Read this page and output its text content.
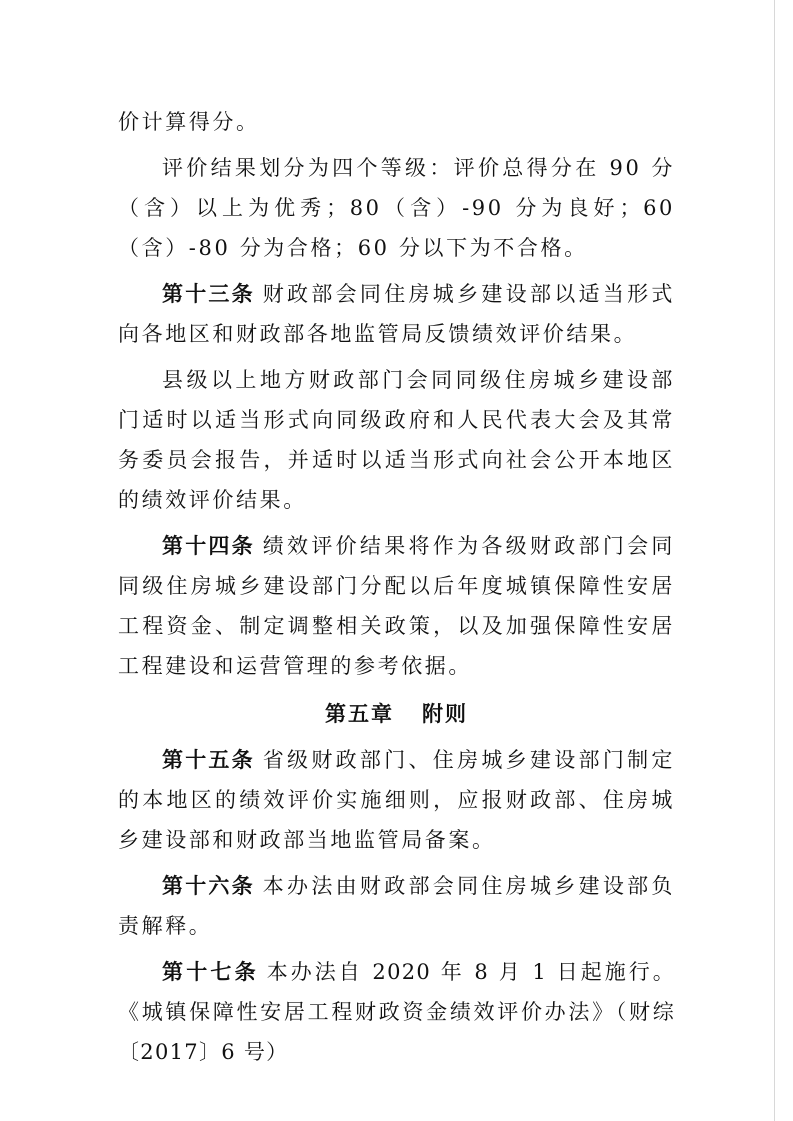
价计算得分。

评价结果划分为四个等级：评价总得分在 90 分（含）以上为优秀；80（含）-90 分为良好；60（含）-80 分为合格；60 分以下为不合格。

第十三条 财政部会同住房城乡建设部以适当形式向各地区和财政部各地监管局反馈绩效评价结果。

县级以上地方财政部门会同同级住房城乡建设部门适时以适当形式向同级政府和人民代表大会及其常务委员会报告，并适时以适当形式向社会公开本地区的绩效评价结果。

第十四条 绩效评价结果将作为各级财政部门会同同级住房城乡建设部门分配以后年度城镇保障性安居工程资金、制定调整相关政策，以及加强保障性安居工程建设和运营管理的参考依据。

第五章 附则

第十五条 省级财政部门、住房城乡建设部门制定的本地区的绩效评价实施细则，应报财政部、住房城乡建设部和财政部当地监管局备案。

第十六条 本办法由财政部会同住房城乡建设部负责解释。

第十七条 本办法自 2020 年 8 月 1 日起施行。《城镇保障性安居工程财政资金绩效评价办法》（财综〔2017〕6 号）
